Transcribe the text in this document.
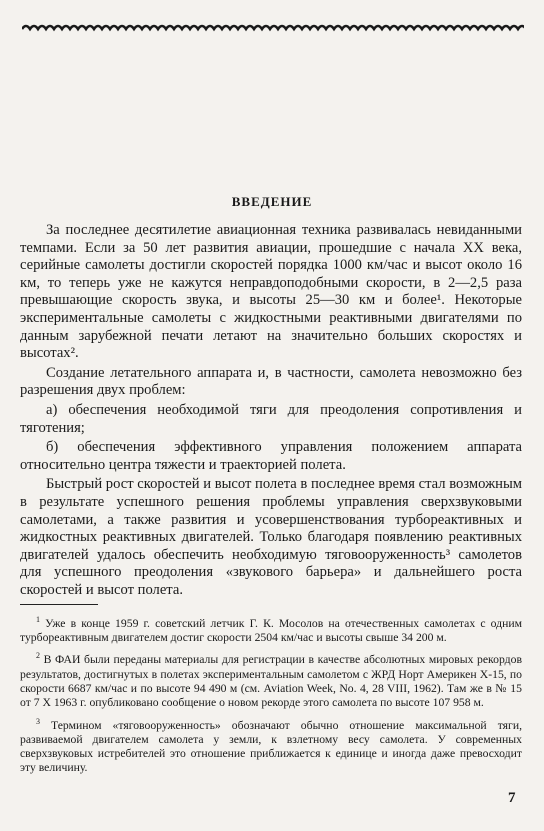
ВВЕДЕНИЕ

За последнее десятилетие авиационная техника развивалась невиданными темпами. Если за 50 лет развития авиации, прошедшие с начала XX века, серийные самолеты достигли скоростей порядка 1000 км/час и высот около 16 км, то теперь уже не кажутся неправдоподобными скорости, в 2—2,5 раза превышающие скорость звука, и высоты 25—30 км и более¹. Некоторые экспериментальные самолеты с жидкостными реактивными двигателями по данным зарубежной печати летают на значительно больших скоростях и высотах².

Создание летательного аппарата и, в частности, самолета невозможно без разрешения двух проблем:

а) обеспечения необходимой тяги для преодоления сопротивления и тяготения;

б) обеспечения эффективного управления положением аппарата относительно центра тяжести и траекторией полета.

Быстрый рост скоростей и высот полета в последнее время стал возможным в результате успешного решения проблемы управления сверхзвуковыми самолетами, а также развития и усовершенствования турбореактивных и жидкостных реактивных двигателей. Только благодаря появлению реактивных двигателей удалось обеспечить необходимую тяговооруженность³ самолетов для успешного преодоления «звукового барьера» и дальнейшего роста скоростей и высот полета.

$^1$ Уже в конце 1959 г. советский летчик Г. К. Мосолов на отечественных самолетах с одним турбореактивным двигателем достиг скорости 2504 км/час и высоты свыше 34 200 м.

$^2$ В ФАИ были переданы материалы для регистрации в качестве абсолютных мировых рекордов результатов, достигнутых в полетах экспериментальным самолетом с ЖРД Норт Америкен Х-15, по скорости 6687 км/час и по высоте 94 490 м (см. Aviation Week, No. 4, 28 VIII, 1962). Там же в № 15 от 7 X 1963 г. опубликовано сообщение о новом рекорде этого самолета по высоте 107 958 м.

$^3$ Термином «тяговооруженность» обозначают обычно отношение максимальной тяги, развиваемой двигателем самолета у земли, к взлетному весу самолета. У современных сверхзвуковых истребителей это отношение приближается к единице и иногда даже превосходит эту величину.

7
